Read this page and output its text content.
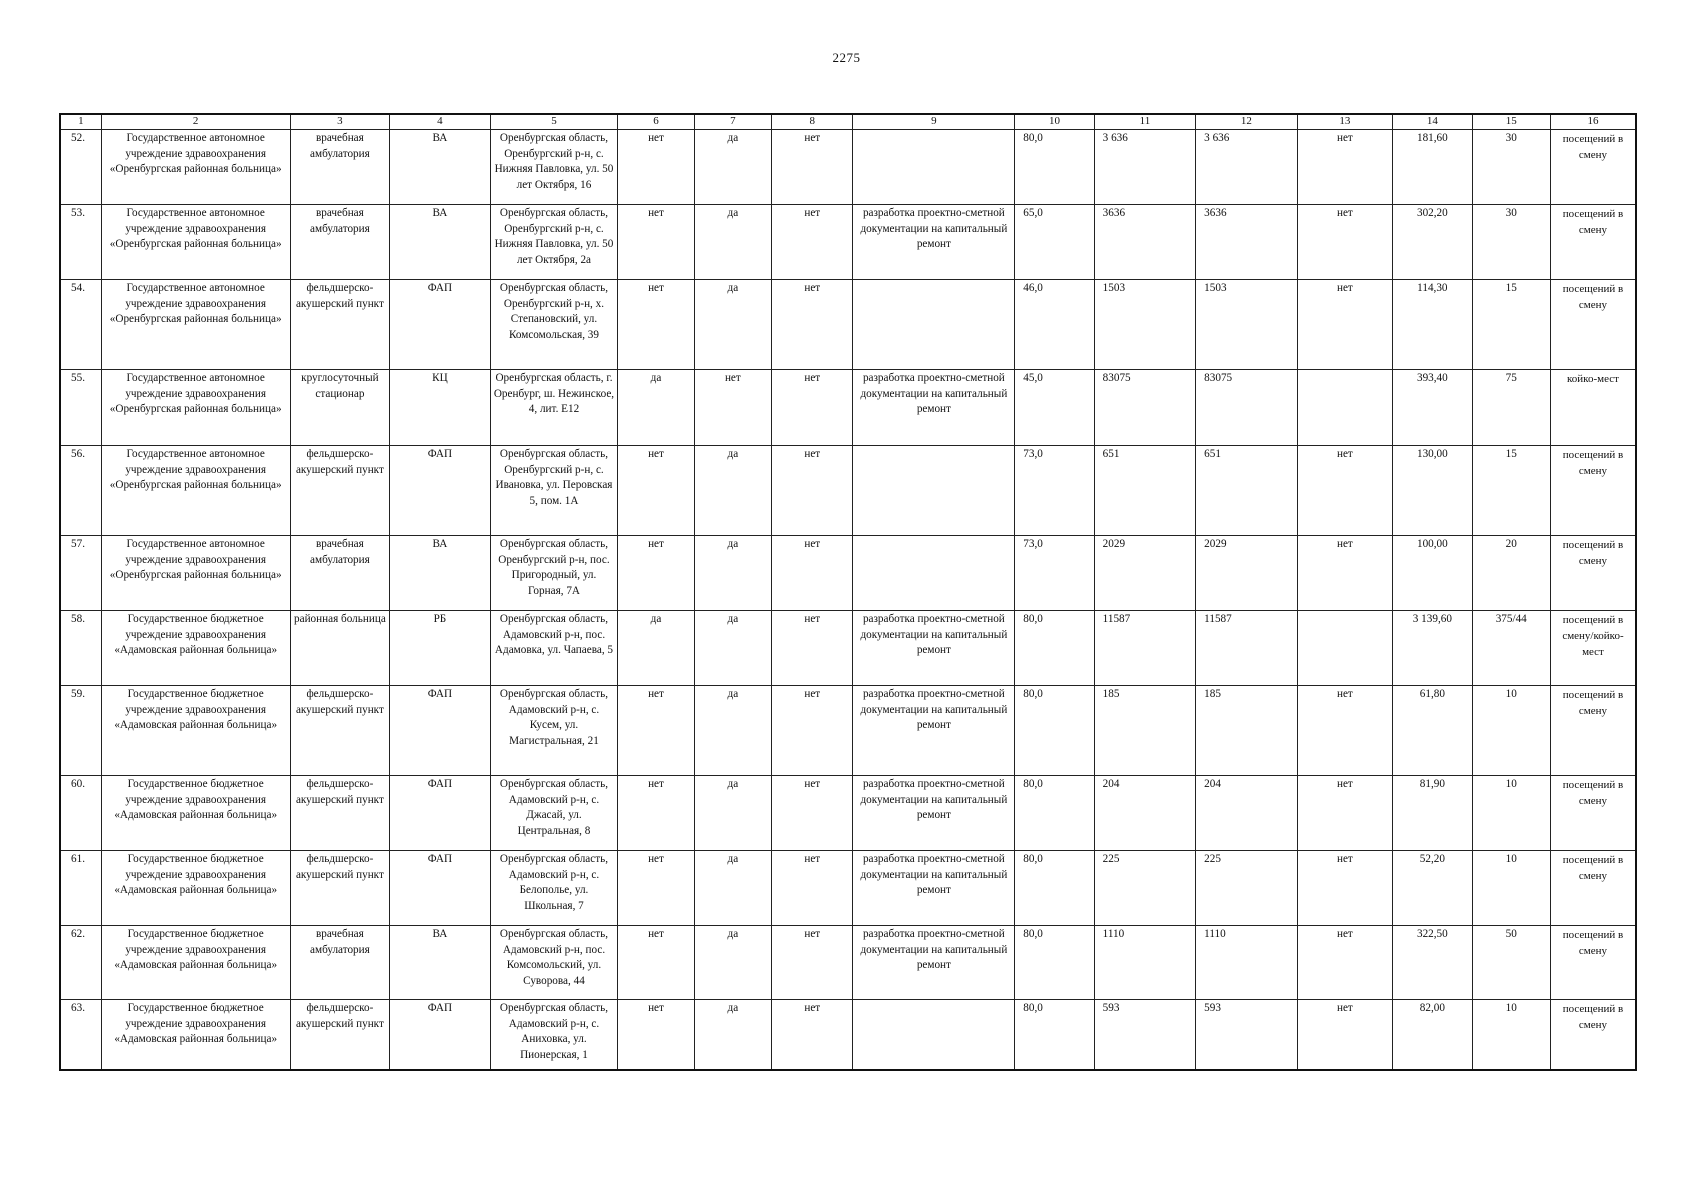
2275
1	2	3	4	5	6	7	8	9	10	11	12	13	14	15	16
52.	Государственное автономное учреждение здравоохранения «Оренбургская районная больница»	врачебная амбулатория	ВА	Оренбургская область, Оренбургский р-н, с. Нижняя Павловка, ул. 50 лет Октября, 16	нет	да	нет		80,0	3 636	3 636	нет	181,60	30	посещений в смену
53.	Государственное автономное учреждение здравоохранения «Оренбургская районная больница»	врачебная амбулатория	ВА	Оренбургская область, Оренбургский р-н, с. Нижняя Павловка, ул. 50 лет Октября, 2а	нет	да	нет	разработка проектно-сметной документации на капитальный ремонт	65,0	3636	3636	нет	302,20	30	посещений в смену
54.	Государственное автономное учреждение здравоохранения «Оренбургская районная больница»	фельдшерско-акушерский пункт	ФАП	Оренбургская область, Оренбургский р-н, х. Степановский, ул. Комсомольская, 39	нет	да	нет		46,0	1503	1503	нет	114,30	15	посещений в смену
55.	Государственное автономное учреждение здравоохранения «Оренбургская районная больница»	круглосуточный стационар	КЦ	Оренбургская область, г. Оренбург, ш. Нежинское, 4, лит. Е12	да	нет	нет	разработка проектно-сметной документации на капитальный ремонт	45,0	83075	83075		393,40	75	койко-мест
56.	Государственное автономное учреждение здравоохранения «Оренбургская районная больница»	фельдшерско-акушерский пункт	ФАП	Оренбургская область, Оренбургский р-н, с. Ивановка, ул. Перовская 5, пом. 1А	нет	да	нет		73,0	651	651	нет	130,00	15	посещений в смену
57.	Государственное автономное учреждение здравоохранения «Оренбургская районная больница»	врачебная амбулатория	ВА	Оренбургская область, Оренбургский р-н, пос. Пригородный, ул. Горная, 7А	нет	да	нет		73,0	2029	2029	нет	100,00	20	посещений в смену
58.	Государственное бюджетное учреждение здравоохранения «Адамовская районная больница»	районная больница	РБ	Оренбургская область, Адамовский р-н, пос. Адамовка, ул. Чапаева, 5	да	да	нет	разработка проектно-сметной документации на капитальный ремонт	80,0	11587	11587		3 139,60	375/44	посещений в смену/койко-мест
59.	Государственное бюджетное учреждение здравоохранения «Адамовская районная больница»	фельдшерско-акушерский пункт	ФАП	Оренбургская область, Адамовский р-н, с. Кусем, ул. Магистральная, 21	нет	да	нет	разработка проектно-сметной документации на капитальный ремонт	80,0	185	185	нет	61,80	10	посещений в смену
60.	Государственное бюджетное учреждение здравоохранения «Адамовская районная больница»	фельдшерско-акушерский пункт	ФАП	Оренбургская область, Адамовский р-н, с. Джасай, ул. Центральная, 8	нет	да	нет	разработка проектно-сметной документации на капитальный ремонт	80,0	204	204	нет	81,90	10	посещений в смену
61.	Государственное бюджетное учреждение здравоохранения «Адамовская районная больница»	фельдшерско-акушерский пункт	ФАП	Оренбургская область, Адамовский р-н, с. Белополье, ул. Школьная, 7	нет	да	нет	разработка проектно-сметной документации на капитальный ремонт	80,0	225	225	нет	52,20	10	посещений в смену
62.	Государственное бюджетное учреждение здравоохранения «Адамовская районная больница»	врачебная амбулатория	ВА	Оренбургская область, Адамовский р-н, пос. Комсомольский, ул. Суворова, 44	нет	да	нет	разработка проектно-сметной документации на капитальный ремонт	80,0	1110	1110	нет	322,50	50	посещений в смену
63.	Государственное бюджетное учреждение здравоохранения «Адамовская районная больница»	фельдшерско-акушерский пункт	ФАП	Оренбургская область, Адамовский р-н, с. Аниховка, ул. Пионерская, 1	нет	да	нет		80,0	593	593	нет	82,00	10	посещений в смену
